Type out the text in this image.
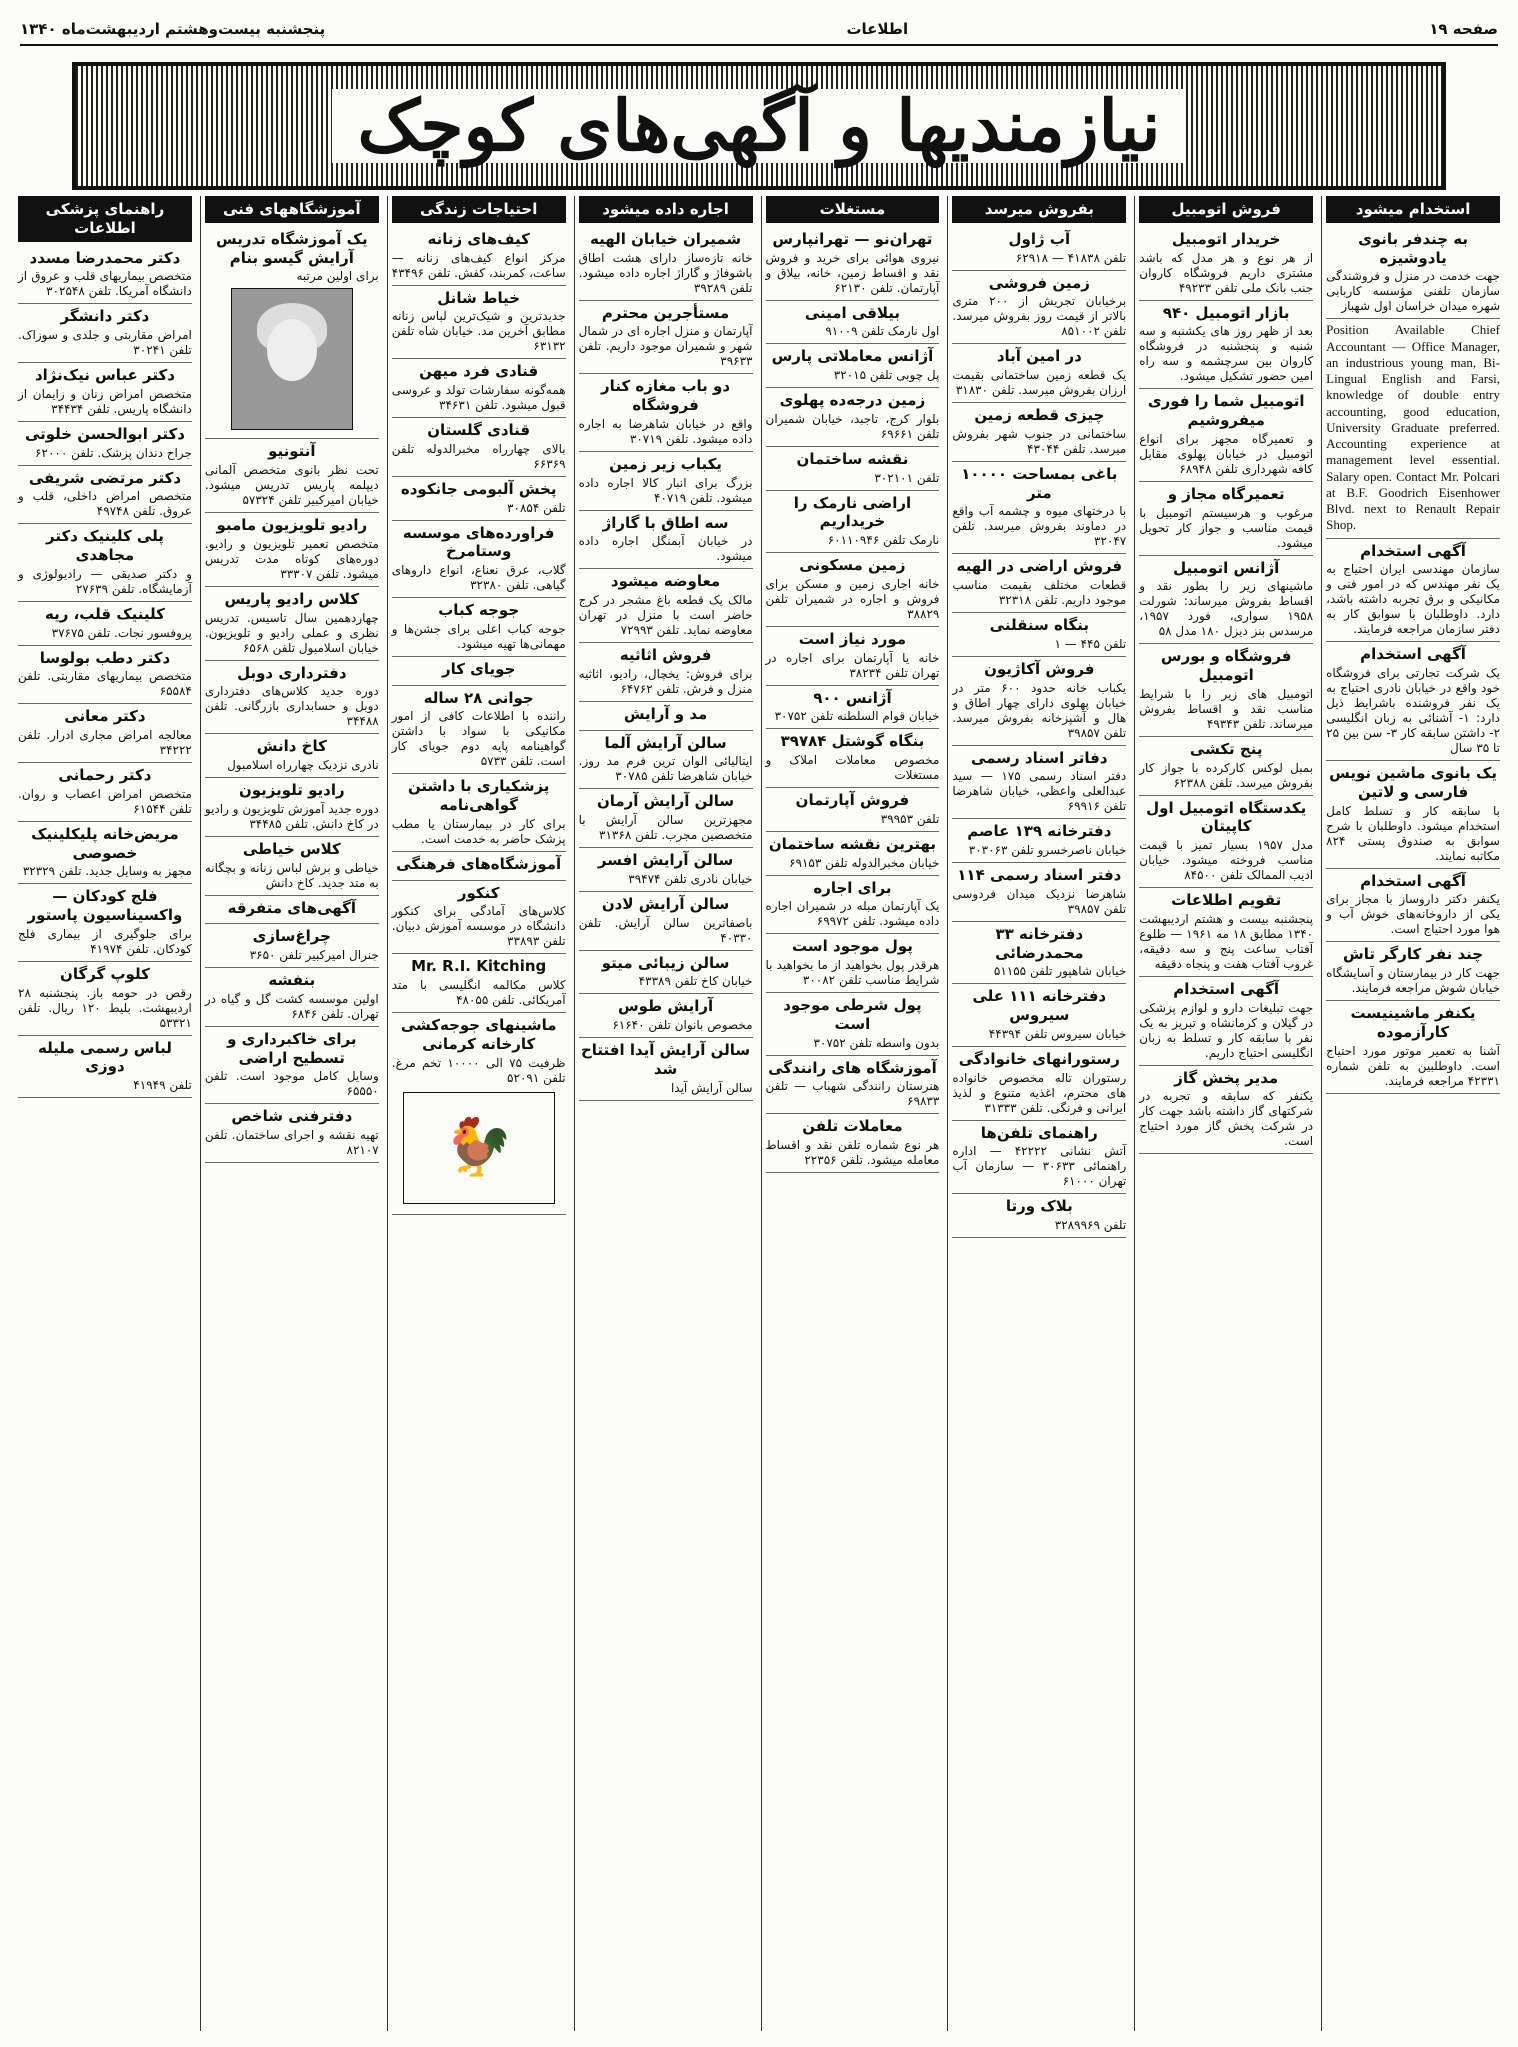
صفحه ۱۹
اطلاعات
پنجشنبه بیست‌وهشتم اردیبهشت‌ماه ۱۳۴۰
نیازمندیها و آگهی‌های کوچک
استخدام میشود
به چندفر بانوی یادوشیزه

جهت خدمت در منزل و فروشندگی سازمان تلفنی مؤسسه کاربابی شهره میدان خراسان اول شهباز

Position Available Chief Accountant — Office Manager, an industrious young man, Bi-Lingual English and Farsi, knowledge of double entry accounting, good education, University Graduate preferred. Accounting experience at management level essential. Salary open. Contact Mr. Polcari at B.F. Goodrich Eisenhower Blvd. next to Renault Repair Shop.

آگهی استخدام

سازمان مهندسی ایران احتیاج به یک نفر مهندس که در امور فنی و مکانیکی و برق تجربه داشته باشد، دارد. داوطلبان با سوابق کار به دفتر سازمان مراجعه فرمایند.

آگهی استخدام

یک شرکت تجارتی برای فروشگاه خود واقع در خیابان نادری احتیاج به یک نفر فروشنده باشرایط ذیل دارد: ۱- آشنائی به زبان انگلیسی ۲- داشتن سابقه کار ۳- سن بین ۲۵ تا ۳۵ سال

یک بانوی ماشین نویس فارسی و لاتین

با سابقه کار و تسلط کامل استخدام میشود. داوطلبان با شرح سوابق به صندوق پستی ۸۲۴ مکاتبه نمایند.

آگهی استخدام

یکنفر دکتر داروساز با مجاز برای یکی از داروخانه‌های خوش آب و هوا مورد احتیاج است.

چند نفر کارگر تاش

جهت کار در بیمارستان و آسایشگاه خیابان شوش مراجعه فرمایند.

یکنفر ماشینیست کارآزموده

آشنا به تعمیر موتور مورد احتیاج است. داوطلبین به تلفن شماره ۴۲۳۳۱ مراجعه فرمایند.

فروش اتومبیل
خریدار اتومبیل

از هر نوع و هر مدل که باشد مشتری داریم فروشگاه کاروان جنب بانک ملی تلفن ۴۹۲۳۳

بازار اتومبیل ۹۴۰

بعد از ظهر روز های یکشنبه و سه شنبه و پنجشنبه در فروشگاه کاروان بین سرچشمه و سه راه امین حضور تشکیل میشود.

اتومبیل شما را فوری میفروشیم

و تعمیرگاه مجهز برای انواع اتومبیل در خیابان پهلوی مقابل کافه شهرداری تلفن ۶۸۹۴۸

تعمیرگاه مجاز و

مرغوب و هرسیستم اتومبیل با قیمت مناسب و جواز کار تحویل میشود.

آژانس اتومبیل

ماشینهای زیر را بطور نقد و اقساط بفروش میرساند: شورلت ۱۹۵۸ سواری، فورد ۱۹۵۷، مرسدس بنز دیزل ۱۸۰ مدل ۵۸

فروشگاه و بورس اتومبیل

اتومبیل های زیر را با شرایط مناسب نقد و اقساط بفروش میرساند. تلفن ۴۹۳۴۳

پنج تکشی

بمبل لوکس کارکرده با جواز کار بفروش میرسد. تلفن ۶۲۳۸۸

یکدستگاه اتومبیل اول کاپیتان

مدل ۱۹۵۷ بسیار تمیز با قیمت مناسب فروخته میشود. خیابان ادیب الممالک تلفن ۸۴۵۰۰

تقویم اطلاعات

پنجشنبه بیست و هشتم اردیبهشت ۱۳۴۰ مطابق ۱۸ مه ۱۹۶۱ — طلوع آفتاب ساعت پنج و سه دقیقه، غروب آفتاب هفت و پنجاه دقیقه

آگهی استخدام

جهت تبلیغات دارو و لوازم پزشکی در گیلان و کرمانشاه و تبریز به یک نفر با سابقه کار و تسلط به زبان انگلیسی احتیاج داریم.

مدیر پخش گاز

یکنفر که سابقه و تجربه در شرکتهای گاز داشته باشد جهت کار در شرکت پخش گاز مورد احتیاج است.

بفروش میرسد
آب ژاول

تلفن ۴۱۸۳۸ — ۶۲۹۱۸

زمین فروشی

برخیابان تجریش از ۲۰۰ متری بالاتر از قیمت روز بفروش میرسد. تلفن ۸۵۱۰۰۲

در امین آباد

یک قطعه زمین ساختمانی بقیمت ارزان بفروش میرسد. تلفن ۳۱۸۳۰

چیزی قطعه زمین

ساختمانی در جنوب شهر بفروش میرسد. تلفن ۴۳۰۴۴

باغی بمساحت ۱۰۰۰۰ متر

با درختهای میوه و چشمه آب واقع در دماوند بفروش میرسد. تلفن ۳۲۰۴۷

فروش اراضی در الهیه

قطعات مختلف بقیمت مناسب موجود داریم. تلفن ۳۲۳۱۸

بنگاه سنقلنی

تلفن ۴۴۵ — ۱

فروش آکاژیون

یکباب خانه حدود ۶۰۰ متر در خیابان پهلوی دارای چهار اطاق و هال و آشپزخانه بفروش میرسد. تلفن ۳۹۸۵۷

دفاتر اسناد رسمی

دفتر اسناد رسمی ۱۷۵ — سید عبدالعلی واعظی، خیابان شاهرضا تلفن ۶۹۹۱۶

دفترخانه ۱۳۹ عاصم

خیابان ناصرخسرو تلفن ۳۰۳۰۶۳

دفتر اسناد رسمی ۱۱۴

شاهرضا نزدیک میدان فردوسی تلفن ۳۹۸۵۷

دفترخانه ۳۳ محمدرضائی

خیابان شاهپور تلفن ۵۱۱۵۵

دفترخانه ۱۱۱ علی سیروس

خیابان سیروس تلفن ۴۴۳۹۴

رستورانهای خانوادگی

رستوران تاله مخصوص خانواده های محترم، اغذیه متنوع و لذیذ ایرانی و فرنگی. تلفن ۳۱۳۳۳

راهنمای تلفن‌ها

آتش نشانی ۴۲۲۲۲ — اداره راهنمائی ۳۰۶۳۳ — سازمان آب تهران ۶۱۰۰۰

بلاک ورتا

تلفن ۳۲۸۹۹۶۹

مستغلات
تهران‌نو — تهرانپارس

نیروی هوائی برای خرید و فروش نقد و اقساط زمین، خانه، بیلاق و آپارتمان. تلفن ۶۲۱۳۰

بیلاقی امینی

اول نارمک تلفن ۹۱۰۰۹

آژانس معاملاتی پارس

پل چوبی تلفن ۳۲۰۱۵

زمین درجه‌ده پهلوی

بلوار کرج، تاجبد، خیابان شمیران تلفن ۶۹۶۶۱

نقشه ساختمان

تلفن ۳۰۲۱۰۱

اراضی نارمک را خریداریم

نارمک تلفن ۶۰۱۱۰۹۴۶

زمین مسکونی

خانه اجاری زمین و مسکن برای فروش و اجاره در شمیران تلفن ۳۸۸۲۹

مورد نیاز است

خانه یا آپارتمان برای اجاره در تهران تلفن ۳۸۲۳۴

آژانس ۹۰۰

خیابان قوام السلطنه تلفن ۳۰۷۵۲

بنگاه گوشتل ۳۹۷۸۴

مخصوص معاملات املاک و مستغلات

فروش آپارتمان

تلفن ۳۹۹۵۳

بهترین نقشه ساختمان

خیابان مخبرالدوله تلفن ۶۹۱۵۳

برای اجاره

یک آپارتمان مبله در شمیران اجاره داده میشود. تلفن ۶۹۹۷۲

پول موجود است

هرقدر پول بخواهید از ما بخواهید با شرایط مناسب تلفن ۳۰۰۸۲

پول شرطی موجود است

بدون واسطه تلفن ۳۰۷۵۲

آموزشگاه های رانندگی

هنرستان رانندگی شهباب — تلفن ۶۹۸۳۳

معاملات تلفن

هر نوع شماره تلفن نقد و اقساط معامله میشود. تلفن ۲۲۳۵۶

اجاره داده میشود
شمیران خیابان الهیه

خانه تازه‌ساز دارای هشت اطاق باشوفاژ و گاراژ اجاره داده میشود. تلفن ۳۹۲۸۹

مستأجرین محترم

آپارتمان و منزل اجاره ای در شمال شهر و شمیران موجود داریم. تلفن ۳۹۶۳۳

دو باب مغازه کنار فروشگاه

واقع در خیابان شاهرضا به اجاره داده میشود. تلفن ۳۰۷۱۹

یکباب زیر زمین

بزرگ برای انبار کالا اجاره داده میشود. تلفن ۴۰۷۱۹

سه اطاق با گاراژ

در خیابان آبمنگل اجاره داده میشود.

معاوضه میشود

مالک یک قطعه باغ مشجر در کرج حاضر است با منزل در تهران معاوضه نماید. تلفن ۷۲۹۹۳

فروش اثاثیه

برای فروش: یخچال، رادیو، اثاثیه منزل و فرش. تلفن ۶۴۷۶۲

مد و آرایش
سالن آرایش آلما

ایتالیائی الوان ترین فرم مد روز. خیابان شاهرضا تلفن ۳۰۷۸۵

سالن آرایش آرمان

مجهزترین سالن آرایش با متخصصین مجرب. تلفن ۳۱۳۶۸

سالن آرایش افسر

خیابان نادری تلفن ۳۹۴۷۴

سالن آرایش لادن

باصفاترین سالن آرایش. تلفن ۴۰۳۳۰

سالن زیبائی میتو

خیابان کاخ تلفن ۴۳۳۸۹

آرایش طوس

مخصوص بانوان تلفن ۶۱۶۴۰

سالن آرایش آیدا افتتاح شد

سالن آرایش آیدا

احتیاجات زندگی
کیف‌های زنانه

مرکز انواع کیف‌های زنانه — ساعت، کمربند، کفش. تلفن ۴۳۴۹۶

خیاط شانل

جدیدترین و شیک‌ترین لباس زنانه مطابق آخرین مد. خیابان شاه تلفن ۶۳۱۳۲

قنادی فرد میهن

همه‌گونه سفارشات تولد و عروسی قبول میشود. تلفن ۳۴۶۳۱

قنادی گلستان

بالای چهارراه مخبرالدوله تلفن ۶۶۳۶۹

پخش آلبومی جانکوده

تلفن ۳۰۸۵۴

فراورده‌های موسسه وستامرخ

گلاب، عرق نعناع، انواع داروهای گیاهی. تلفن ۳۲۳۸۰

جوجه کباب

جوجه کباب اعلی برای جشن‌ها و مهمانی‌ها تهیه میشود.

جویای کار
جوانی ۲۸ ساله

راننده با اطلاعات کافی از امور مکانیکی با سواد با داشتن گواهینامه پایه دوم جویای کار است. تلفن ۵۷۳۳

پزشکیاری با داشتن گواهی‌نامه

برای کار در بیمارستان یا مطب پزشک حاضر به خدمت است.

آموزشگاه‌های فرهنگی
کنکور

کلاس‌های آمادگی برای کنکور دانشگاه در موسسه آموزش دبیان. تلفن ۳۳۸۹۳

Mr. R.I. Kitching

کلاس مکالمه انگلیسی با متد آمریکائی. تلفن ۴۸۰۵۵

ماشینهای جوجه‌کشی کارخانه کرمانی

ظرفیت ۷۵ الی ۱۰۰۰۰ تخم مرغ. تلفن ۵۲۰۹۱

🐓
آموزشگاههای فنی
یک آموزشگاه تدریس آرایش گیسو بنام

برای اولین مرتبه

آنتونیو

تحت نظر بانوی متخصص آلمانی دیپلمه پاریس تدریس میشود. خیابان امیرکبیر تلفن ۵۷۳۲۴

رادیو تلویزیون مامبو

متخصص تعمیر تلویزیون و رادیو. دوره‌های کوتاه مدت تدریس میشود. تلفن ۳۳۳۰۷

کلاس رادیو پاریس

چهاردهمین سال تاسیس. تدریس نظری و عملی رادیو و تلویزیون. خیابان اسلامبول تلفن ۶۵۶۸

دفترداری دوبل

دوره جدید کلاس‌های دفترداری دوبل و حسابداری بازرگانی. تلفن ۳۴۴۸۸

کاخ دانش

نادری نزدیک چهارراه اسلامبول

رادیو تلویزیون

دوره جدید آموزش تلویزیون و رادیو در کاخ دانش. تلفن ۳۴۴۸۵

کلاس خیاطی

خیاطی و برش لباس زنانه و بچگانه به متد جدید. کاخ دانش

آگهی‌های متفرقه
چراغ‌سازی

جنرال امیرکبیر تلفن ۳۶۵۰

بنفشه

اولین موسسه کشت گل و گیاه در تهران. تلفن ۶۸۴۶

برای خاکبرداری و تسطیح اراضی

وسایل کامل موجود است. تلفن ۶۵۵۵۰

دفترفنی شاخص

تهیه نقشه و اجرای ساختمان. تلفن ۸۲۱۰۷

راهنمای پزشکی اطلاعات
دکتر محمدرضا مسدد

متخصص بیماریهای قلب و عروق از دانشگاه آمریکا. تلفن ۳۰۲۵۴۸

دکتر دانشگر

امراض مقاربتی و جلدی و سوزاک. تلفن ۳۰۲۴۱

دکتر عباس نیک‌نژاد

متخصص امراض زنان و زایمان از دانشگاه پاریس. تلفن ۳۴۴۳۴

دکتر ابوالحسن خلوتی

جراح دندان پزشک. تلفن ۶۲۰۰۰

دکتر مرتضی شریفی

متخصص امراض داخلی، قلب و عروق. تلفن ۴۹۷۴۸

پلی کلینیک دکتر مجاهدی

و دکتر صدیقی — رادیولوژی و آزمایشگاه. تلفن ۲۷۶۳۹

کلینیک قلب، ریه

پروفسور نجات. تلفن ۳۷۶۷۵

دکتر دطب بولوسا

متخصص بیماریهای مقاربتی. تلفن ۶۵۵۸۴

دکتر معانی

معالجه امراض مجاری ادرار. تلفن ۳۴۲۲۲

دکتر رحمانی

متخصص امراض اعصاب و روان. تلفن ۶۱۵۴۴

مریض‌خانه پلیکلینیک خصوصی

مجهز به وسایل جدید. تلفن ۳۲۳۲۹

فلج کودکان — واکسیناسیون پاستور

برای جلوگیری از بیماری فلج کودکان. تلفن ۴۱۹۷۴

کلوپ گرگان

رقص در حومه باز. پنجشنبه ۲۸ اردیبهشت. بلیط ۱۲۰ ریال. تلفن ۵۳۳۲۱

لباس رسمی مليله دوزی

تلفن ۴۱۹۴۹
